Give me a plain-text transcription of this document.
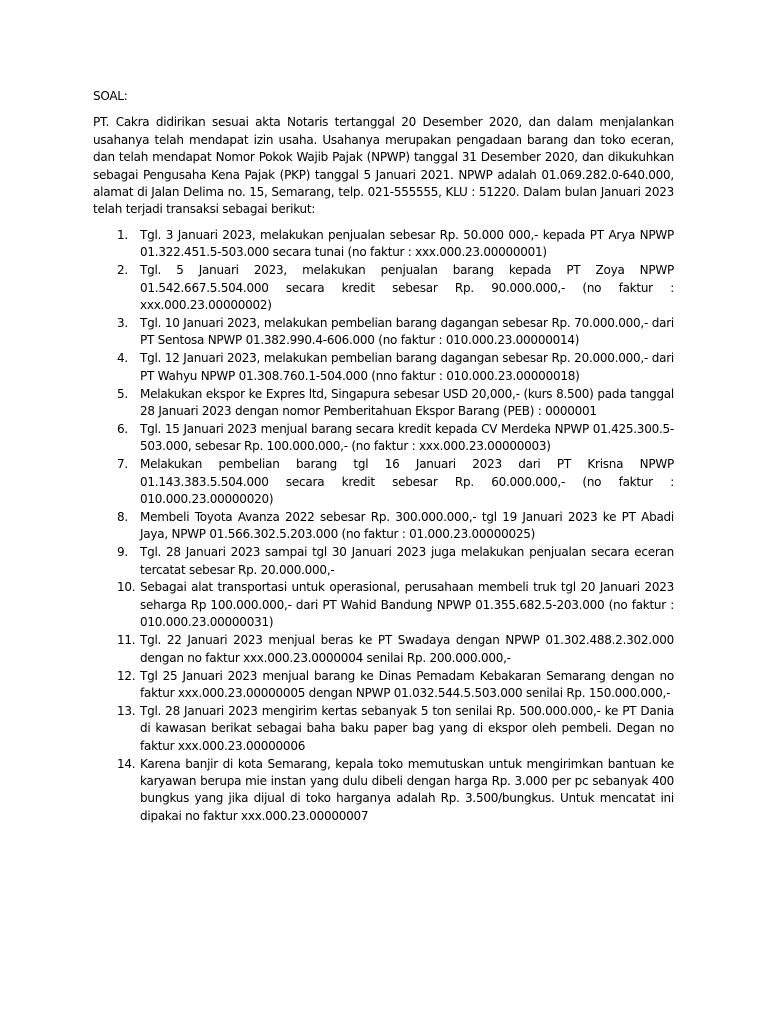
SOAL:

PT. Cakra didirikan sesuai akta Notaris tertanggal 20 Desember 2020, dan dalam menjalankan usahanya telah mendapat izin usaha. Usahanya merupakan pengadaan barang dan toko eceran, dan telah mendapat Nomor Pokok Wajib Pajak (NPWP) tanggal 31 Desember 2020, dan dikukuhkan sebagai Pengusaha Kena Pajak (PKP) tanggal 5 Januari 2021. NPWP adalah 01.069.282.0-640.000, alamat di Jalan Delima no. 15, Semarang, telp. 021-555555, KLU : 51220. Dalam bulan Januari 2023 telah terjadi transaksi sebagai berikut:

1.	Tgl. 3 Januari 2023, melakukan penjualan sebesar Rp. 50.000 000,- kepada PT Arya NPWP 01.322.451.5-503.000 secara tunai (no faktur : xxx.000.23.00000001)
2.	Tgl. 5 Januari 2023, melakukan penjualan barang kepada PT Zoya NPWP 01.542.667.5.504.000 secara kredit sebesar Rp. 90.000.000,- (no faktur : xxx.000.23.00000002)
3.	Tgl. 10 Januari 2023, melakukan pembelian barang dagangan sebesar Rp. 70.000.000,- dari PT Sentosa NPWP 01.382.990.4-606.000 (no faktur : 010.000.23.00000014)
4.	Tgl. 12 Januari 2023, melakukan pembelian barang dagangan sebesar Rp. 20.000.000,- dari PT Wahyu NPWP 01.308.760.1-504.000 (nno faktur : 010.000.23.00000018)
5.	Melakukan ekspor ke Expres ltd, Singapura sebesar USD 20,000,- (kurs 8.500) pada tanggal 28 Januari 2023 dengan nomor Pemberitahuan Ekspor Barang (PEB) : 0000001
6.	Tgl. 15 Januari 2023 menjual barang secara kredit kepada CV Merdeka NPWP 01.425.300.5-503.000, sebesar Rp. 100.000.000,- (no faktur : xxx.000.23.00000003)
7.	Melakukan pembelian barang tgl 16 Januari 2023 dari PT Krisna NPWP 01.143.383.5.504.000 secara kredit sebesar Rp. 60.000.000,- (no faktur : 010.000.23.00000020)
8.	Membeli Toyota Avanza 2022 sebesar Rp. 300.000.000,- tgl 19 Januari 2023 ke PT Abadi Jaya, NPWP 01.566.302.5.203.000 (no faktur : 01.000.23.00000025)
9.	Tgl. 28 Januari 2023 sampai tgl 30 Januari 2023 juga melakukan penjualan secara eceran tercatat sebesar Rp. 20.000.000,-
10. Sebagai alat transportasi untuk operasional, perusahaan membeli truk tgl 20 Januari 2023 seharga Rp 100.000.000,- dari PT Wahid Bandung NPWP 01.355.682.5-203.000 (no faktur : 010.000.23.00000031)
11. Tgl. 22 Januari 2023 menjual beras ke PT Swadaya dengan NPWP 01.302.488.2.302.000 dengan no faktur xxx.000.23.0000004 senilai Rp. 200.000.000,-
12. Tgl 25 Januari 2023 menjual barang ke Dinas Pemadam Kebakaran Semarang dengan no faktur xxx.000.23.00000005 dengan NPWP 01.032.544.5.503.000 senilai Rp. 150.000.000,-
13. Tgl. 28 Januari 2023 mengirim kertas sebanyak 5 ton senilai Rp. 500.000.000,- ke PT Dania di kawasan berikat sebagai baha baku paper bag yang di ekspor oleh pembeli. Degan no faktur xxx.000.23.00000006
14. Karena banjir di kota Semarang, kepala toko memutuskan untuk mengirimkan bantuan ke karyawan berupa mie instan yang dulu dibeli dengan harga Rp. 3.000 per pc sebanyak 400 bungkus yang jika dijual di toko harganya adalah Rp. 3.500/bungkus. Untuk mencatat ini dipakai no faktur xxx.000.23.00000007
